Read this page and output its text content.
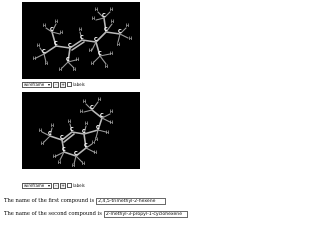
C
C C
C C
C C
C
C
C
C
H
H
H
H
H
H
H	H
H
H
H
H
H
H
H
H	H
H
H
H
H
wireframe ▾	-	+	labels
C
C
C
C
C
C
C
C
C
C
H	H
H	H
H
H
H
H
H
H
H
H
H
H
H H
H
H
wireframe ▾	-	+	labels
The name of the first compound is 2,4,5-trimethyl-2-hexene
The name of the second compound is 2-methyl-3-propyl-1-cyclohexene
